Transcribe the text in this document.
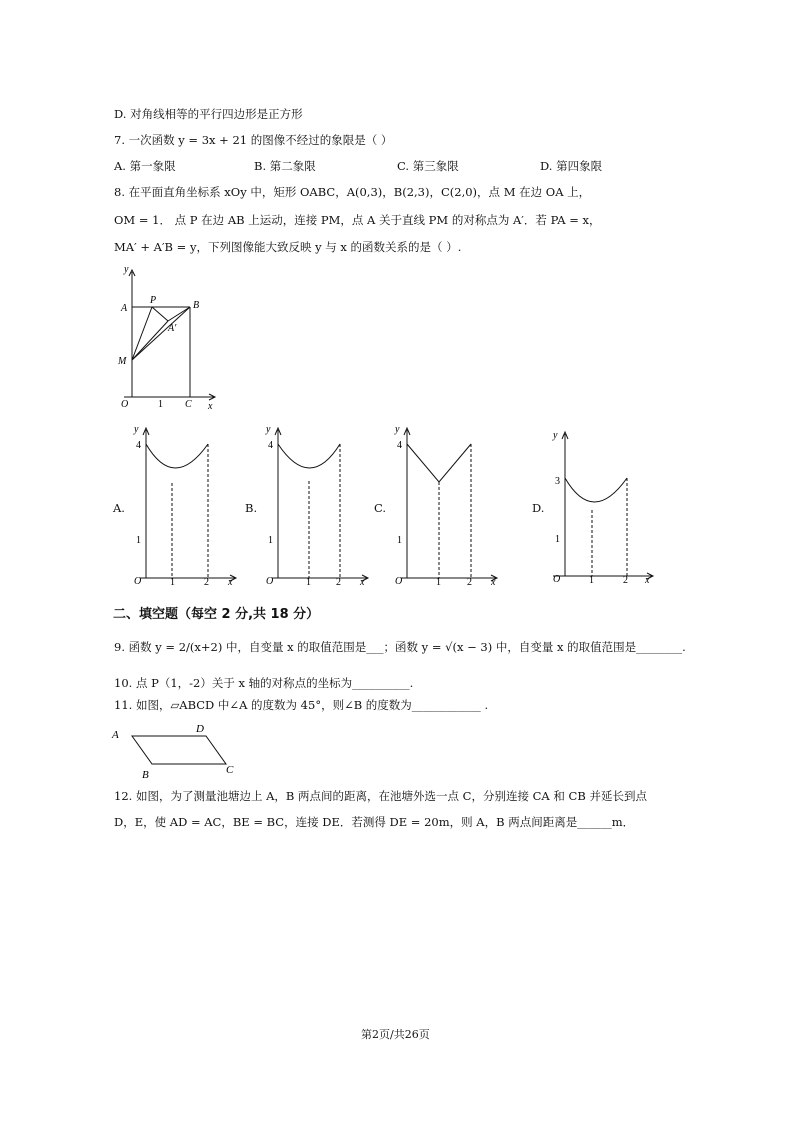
D. 对角线相等的平行四边形是正方形
7. 一次函数 y = 3x + 21 的图像不经过的象限是（ ）
A. 第一象限	B. 第二象限	C. 第三象限	D. 第四象限
8. 在平面直角坐标系 xOy 中，矩形 OABC，A(0,3)，B(2,3)，C(2,0)，点 M 在边 OA 上，
OM = 1． 点 P 在边 AB 上运动，连接 PM，点 A 关于直线 PM 的对称点为 A′．若 PA = x，
MA′ + A′B = y，下列图像能大致反映 y 与 x 的函数关系的是（ ）.
y
A
P	B
A′
M
O	1 C x
A.
y
4
1
O	1	2 x
B.
y
4
1
O	1	2 x
C.
y
4
1
O	1	2 x
D.
y
3
1
O	1	2 x
二、填空题（每空 2 分,共 18 分）
9. 函数 y = 2/(x+2) 中，自变量 x 的取值范围是___；函数 y = √(x − 3) 中，自变量 x 的取值范围是________.
10. 点 P（1，-2）关于 x 轴的对称点的坐标为__________.
11. 如图，▱ABCD 中∠A 的度数为 45°，则∠B 的度数为____________ .
A	D
B	C
12. 如图，为了测量池塘边上 A，B 两点间的距离，在池塘外选一点 C，分别连接 CA 和 CB 并延长到点
D，E，使 AD = AC，BE = BC，连接 DE．若测得 DE = 20m，则 A，B 两点间距离是______m．
第2页/共26页
